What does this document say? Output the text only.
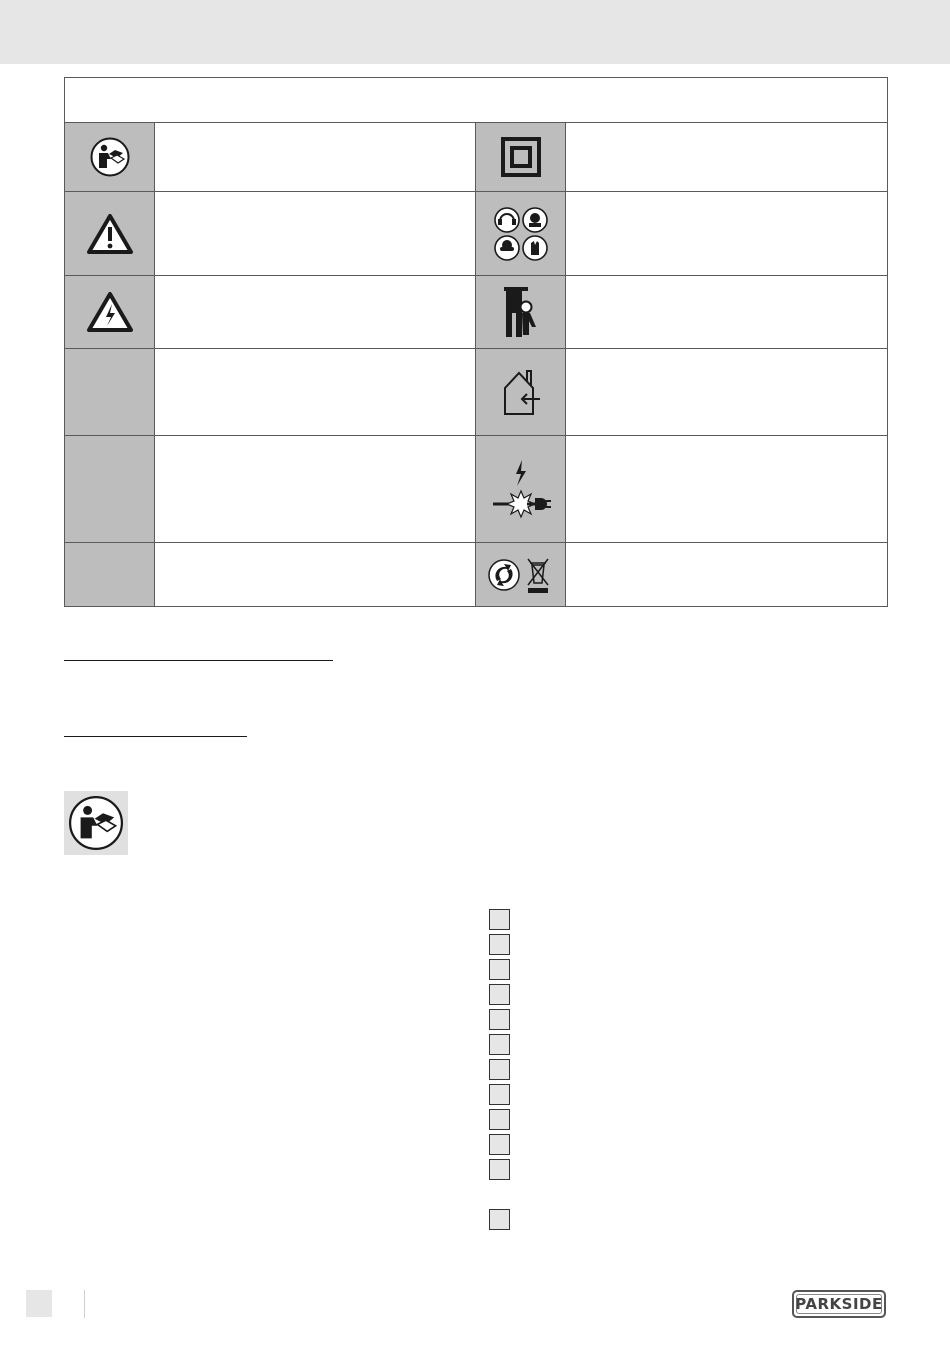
PARKSIDE
